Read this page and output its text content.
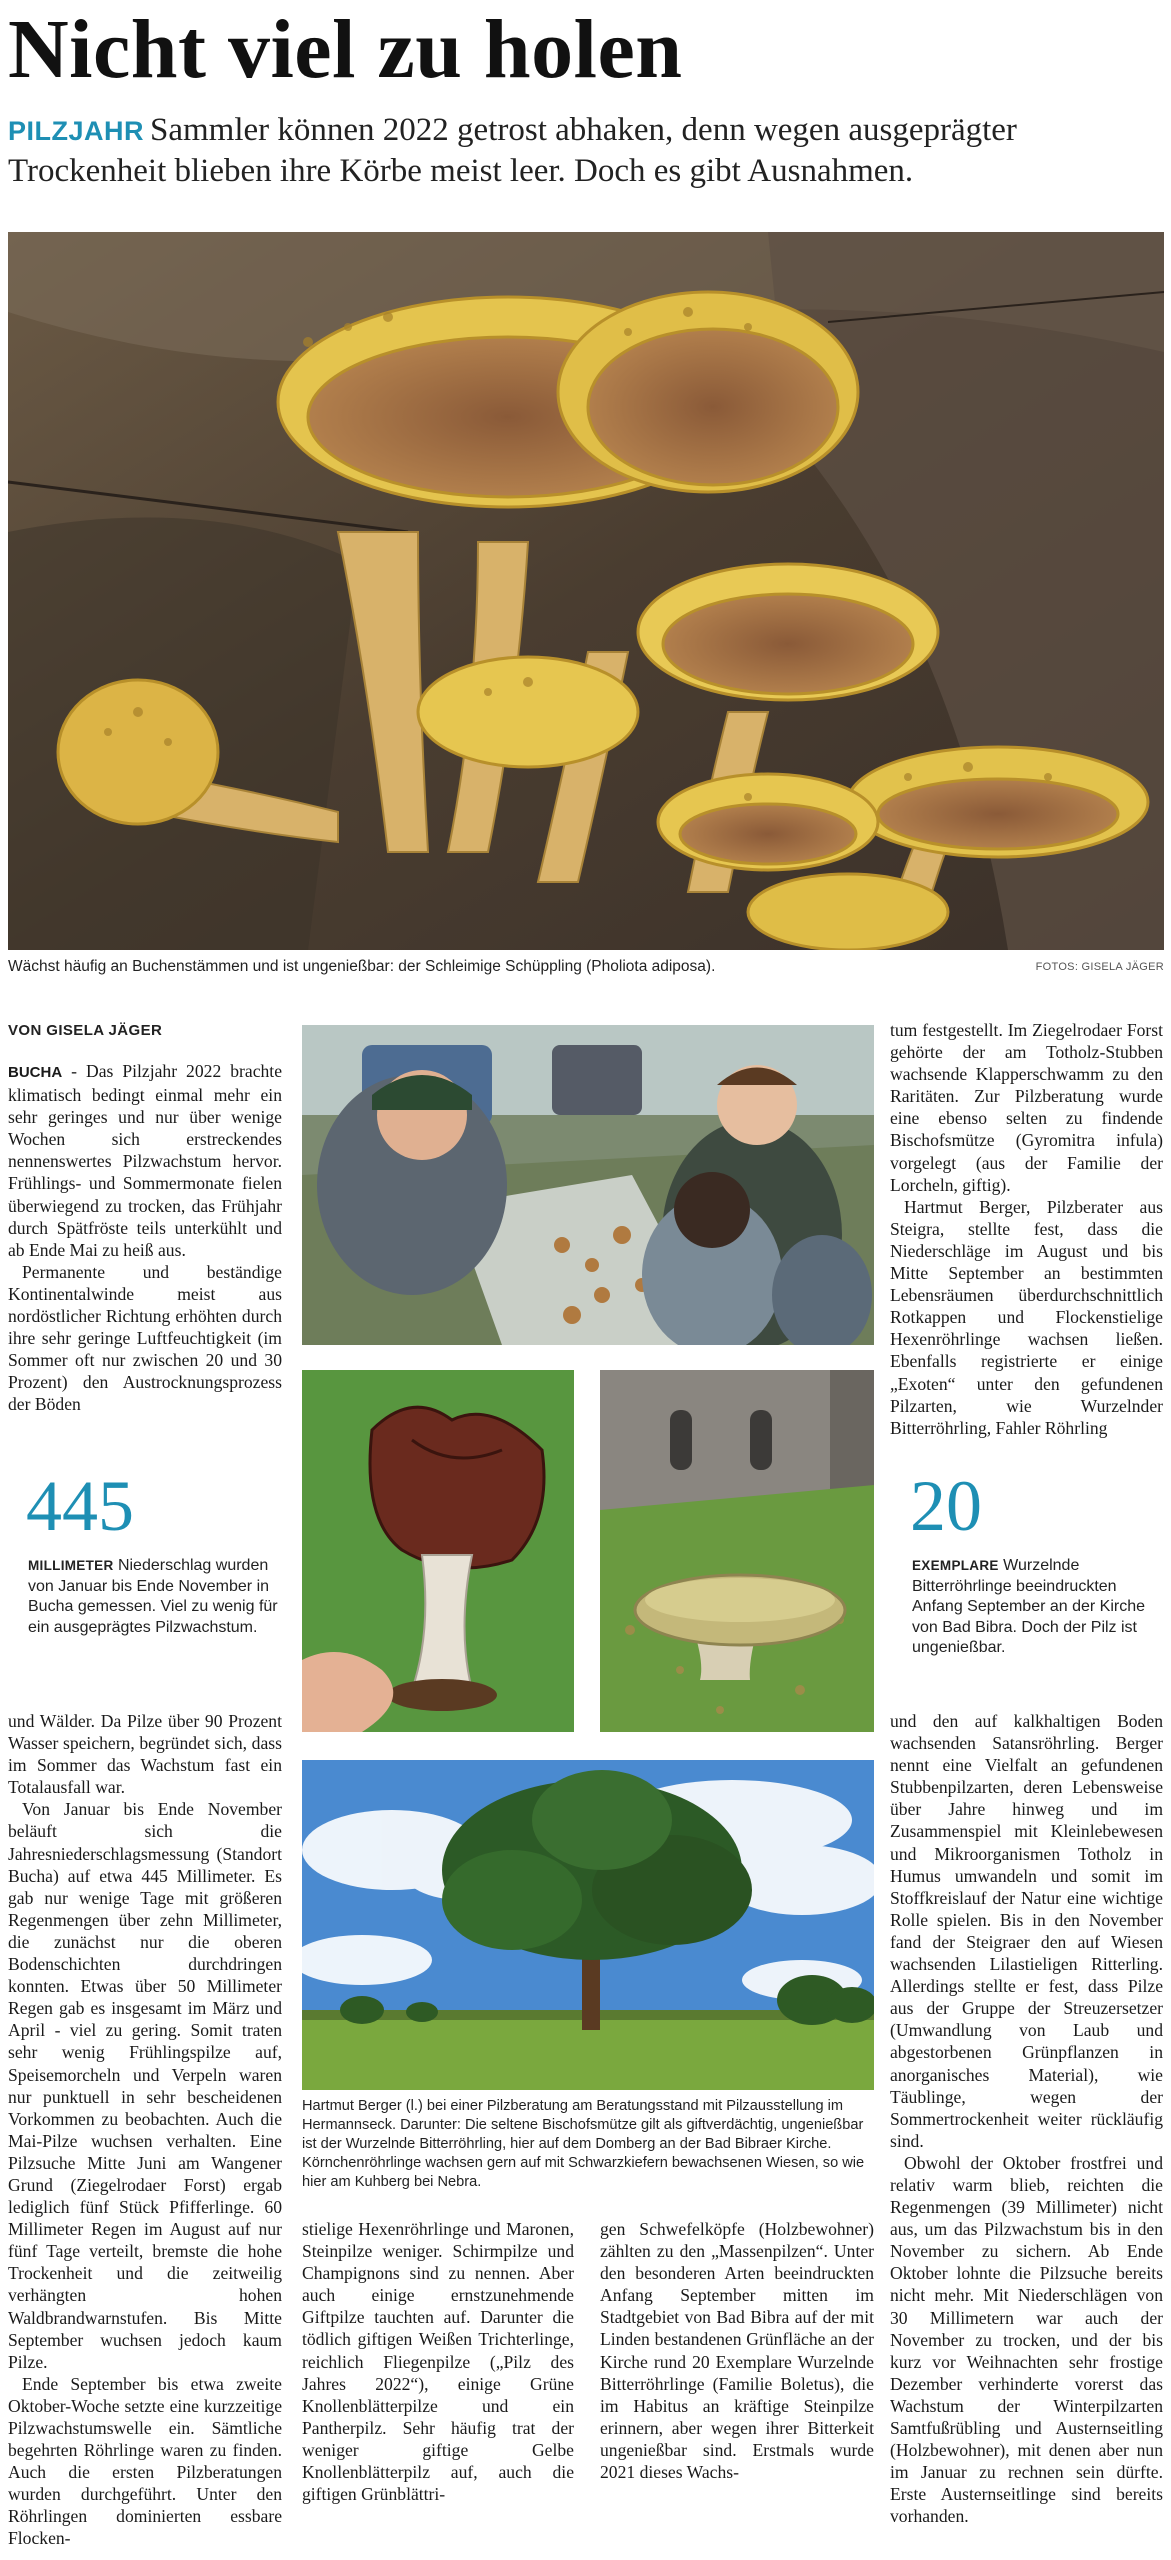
Nicht viel zu holen
PILZJAHR Sammler können 2022 getrost abhaken, denn wegen ausgeprägter Trockenheit blieben ihre Körbe meist leer. Doch es gibt Ausnahmen.
Wächst häufig an Buchenstämmen und ist ungenießbar: der Schleimige Schüppling (Pholiota adiposa).	FOTOS: GISELA JÄGER
VON GISELA JÄGER

BUCHA - Das Pilzjahr 2022 brachte klimatisch bedingt einmal mehr ein sehr geringes und nur über wenige Wochen sich erstreckendes nennenswertes Pilzwachstum hervor. Frühlings- und Sommermonate fielen überwiegend zu trocken, das Frühjahr durch Spätfröste teils unterkühlt und ab Ende Mai zu heiß aus.

Permanente und beständige Kontinentalwinde meist aus nordöstlicher Richtung erhöhten durch ihre sehr geringe Luftfeuchtigkeit (im Sommer oft nur zwischen 20 und 30 Prozent) den Austrocknungsprozess der Böden

445
MILLIMETER Niederschlag wurden von Januar bis Ende November in Bucha gemessen. Viel zu wenig für ein ausgeprägtes Pilzwachstum.

und Wälder. Da Pilze über 90 Prozent Wasser speichern, begründet sich, dass im Sommer das Wachstum fast ein Totalausfall war.

Von Januar bis Ende November beläuft sich die Jahresniederschlagsmessung (Standort Bucha) auf etwa 445 Millimeter. Es gab nur wenige Tage mit größeren Regenmengen über zehn Millimeter, die zunächst nur die oberen Bodenschichten durchdringen konnten. Etwas über 50 Millimeter Regen gab es insgesamt im März und April - viel zu gering. Somit traten sehr wenig Frühlingspilze auf, Speisemorcheln und Verpeln waren nur punktuell in sehr bescheidenen Vorkommen zu beobachten. Auch die Mai-Pilze wuchsen verhalten. Eine Pilzsuche Mitte Juni am Wangener Grund (Ziegelrodaer Forst) ergab lediglich fünf Stück Pfifferlinge. 60 Millimeter Regen im August auf nur fünf Tage verteilt, bremste die hohe Trockenheit und die zeitweilig verhängten hohen Waldbrandwarnstufen. Bis Mitte September wuchsen jedoch kaum Pilze.

Ende September bis etwa zweite Oktober-Woche setzte eine kurzzeitige Pilzwachstumswelle ein. Sämtliche begehrten Röhrlinge waren zu finden. Auch die ersten Pilzberatungen wurden durchgeführt. Unter den Röhrlingen dominierten essbare Flocken-

tum festgestellt. Im Ziegelrodaer Forst gehörte der am Totholz-Stubben wachsende Klapperschwamm zu den Raritäten. Zur Pilzberatung wurde eine ebenso selten zu findende Bischofsmütze (Gyromitra infula) vorgelegt (aus der Familie der Lorcheln, giftig).

Hartmut Berger, Pilzberater aus Steigra, stellte fest, dass die Niederschläge im August und bis Mitte September an bestimmten Lebensräumen überdurchschnittlich Rotkappen und Flockenstielige Hexenröhrlinge wachsen ließen. Ebenfalls registrierte er einige „Exoten“ unter den gefundenen Pilzarten, wie Wurzelnder Bitterröhrling, Fahler Röhrling

20
EXEMPLARE Wurzelnde Bitterröhrlinge beeindruckten Anfang September an der Kirche von Bad Bibra. Doch der Pilz ist ungenießbar.
Hartmut Berger (l.) bei einer Pilzberatung am Beratungsstand mit Pilzausstellung im Hermannseck. Darunter: Die seltene Bischofsmütze gilt als giftverdächtig, ungenießbar ist der Wurzelnde Bitterröhrling, hier auf dem Domberg an der Bad Bibraer Kirche. Körnchenröhrlinge wachsen gern auf mit Schwarzkiefern bewachsenen Wiesen, so wie hier am Kuhberg bei Nebra.

stielige Hexenröhrlinge und Maronen, Steinpilze weniger. Schirmpilze und Champignons sind zu nennen. Aber auch einige ernstzunehmende Giftpilze tauchten auf. Darunter die tödlich giftigen Weißen Trichterlinge, reichlich Fliegenpilze („Pilz des Jahres 2022“), einige Grüne Knollenblätterpilze und ein Pantherpilz. Sehr häufig trat der weniger giftige Gelbe Knollenblätterpilz auf, auch die giftigen Grünblättri-

gen Schwefelköpfe (Holzbewohner) zählten zu den „Massenpilzen“. Unter den besonderen Arten beeindruckten Anfang September mitten im Stadtgebiet von Bad Bibra auf der mit Linden bestandenen Grünfläche an der Kirche rund 20 Exemplare Wurzelnde Bitterröhrlinge (Familie Boletus), die im Habitus an kräftige Steinpilze erinnern, aber wegen ihrer Bitterkeit ungenießbar sind. Erstmals wurde 2021 dieses Wachs-

und den auf kalkhaltigen Boden wachsenden Satansröhrling. Berger nennt eine Vielfalt an gefundenen Stubbenpilzarten, deren Lebensweise über Jahre hinweg und im Zusammenspiel mit Kleinlebewesen und Mikroorganismen Totholz in Humus umwandeln und somit im Stoffkreislauf der Natur eine wichtige Rolle spielen. Bis in den November fand der Steigraer den auf Wiesen wachsenden Lilastieligen Ritterling. Allerdings stellte er fest, dass Pilze aus der Gruppe der Streuzersetzer (Umwandlung von Laub und abgestorbenen Grünpflanzen in anorganisches Material), wie Täublinge, wegen der Sommertrockenheit weiter rückläufig sind.

Obwohl der Oktober frostfrei und relativ warm blieb, reichten die Regenmengen (39 Millimeter) nicht aus, um das Pilzwachstum bis in den November zu sichern. Ab Ende Oktober lohnte die Pilzsuche bereits nicht mehr. Mit Niederschlägen von 30 Millimetern war auch der November zu trocken, und der bis kurz vor Weihnachten sehr frostige Dezember verhinderte vorerst das Wachstum der Winterpilzarten Samtfußrübling und Austernseitling (Holzbewohner), mit denen aber nun im Januar zu rechnen sein dürfte. Erste Austernseitlinge sind bereits vorhanden.
